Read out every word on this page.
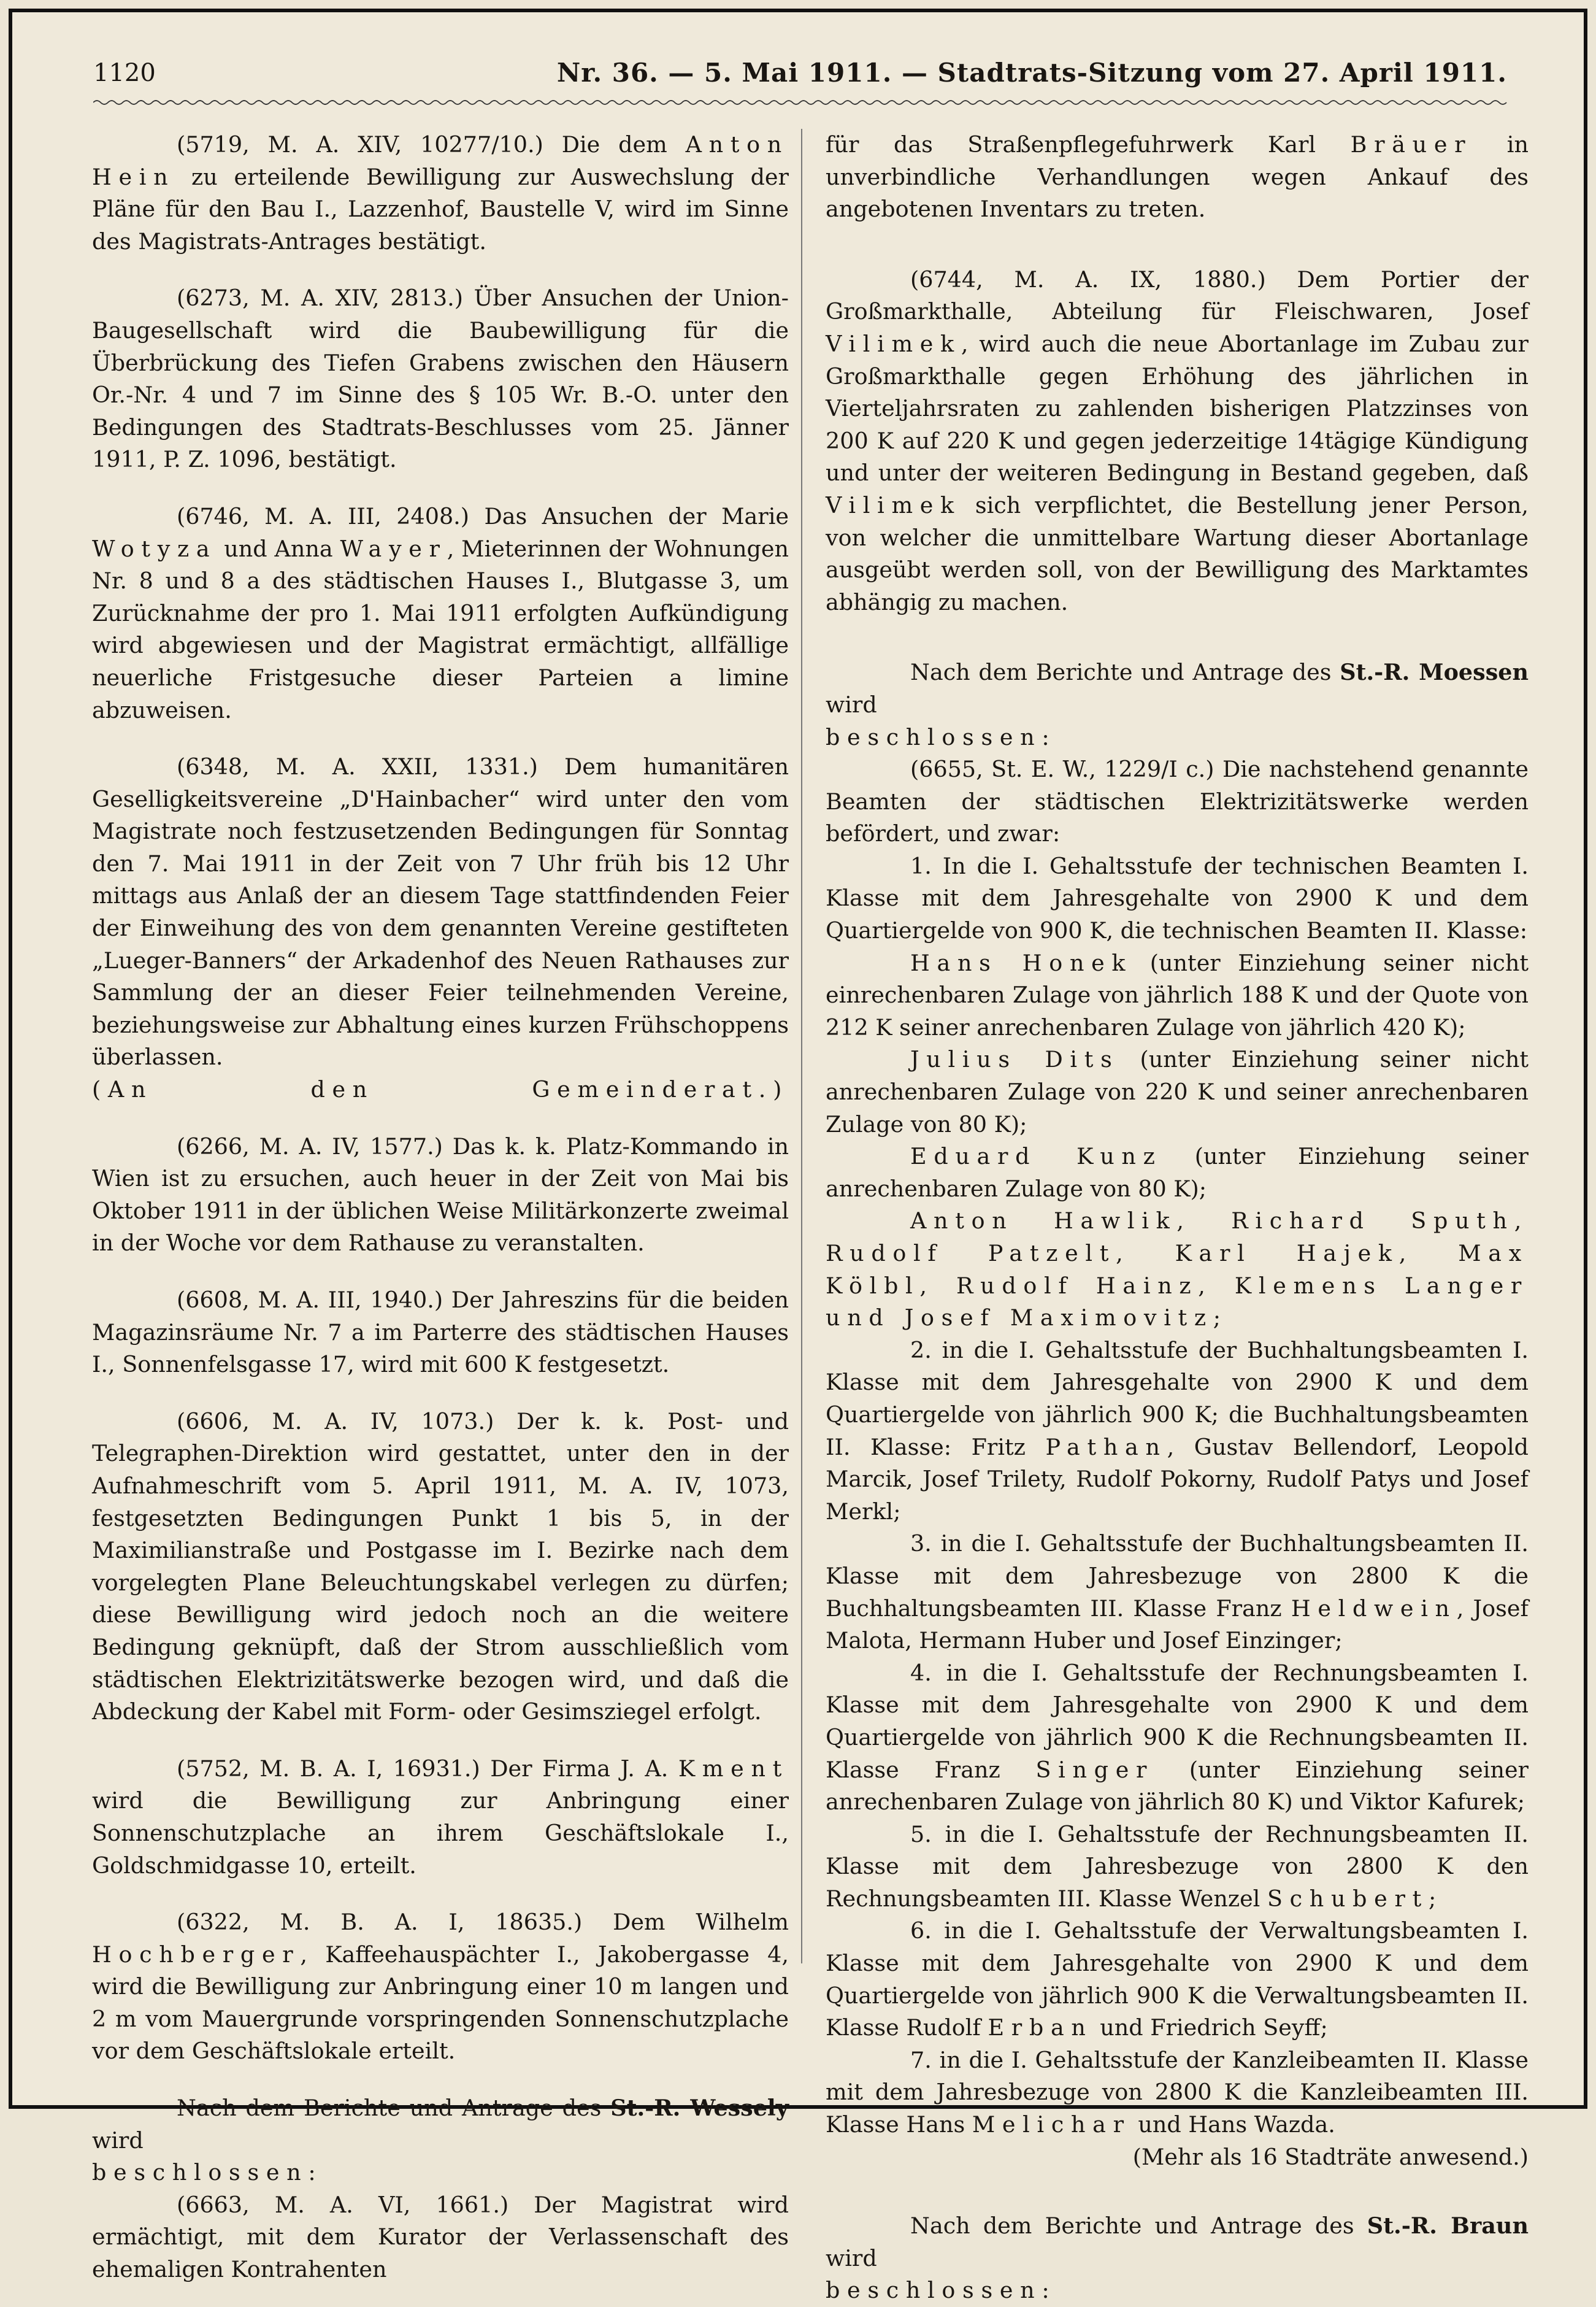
1120	Nr. 36. — 5. Mai 1911. — Stadtrats-Sitzung vom 27. April 1911.

(5719, M. A. XIV, 10277/10.) Die dem Anton Hein zu erteilende Bewilligung zur Auswechslung der Pläne für den Bau I., Lazzenhof, Baustelle V, wird im Sinne des Magistrats-Antrages bestätigt.

(6273, M. A. XIV, 2813.) Über Ansuchen der Union-Baugesellschaft wird die Baubewilligung für die Überbrückung des Tiefen Grabens zwischen den Häusern Or.-Nr. 4 und 7 im Sinne des § 105 Wr. B.-O. unter den Bedingungen des Stadtrats-Beschlusses vom 25. Jänner 1911, P. Z. 1096, bestätigt.

(6746, M. A. III, 2408.) Das Ansuchen der Marie Wotyza und Anna Wayer, Mieterinnen der Wohnungen Nr. 8 und 8 a des städtischen Hauses I., Blutgasse 3, um Zurücknahme der pro 1. Mai 1911 erfolgten Aufkündigung wird abgewiesen und der Magistrat ermächtigt, allfällige neuerliche Fristgesuche dieser Parteien a limine abzuweisen.

(6348, M. A. XXII, 1331.) Dem humanitären Geselligkeitsvereine „D'Hainbacher“ wird unter den vom Magistrate noch festzusetzenden Bedingungen für Sonntag den 7. Mai 1911 in der Zeit von 7 Uhr früh bis 12 Uhr mittags aus Anlaß der an diesem Tage stattfindenden Feier der Einweihung des von dem genannten Vereine gestifteten „Lueger-Banners“ der Arkadenhof des Neuen Rathauses zur Sammlung der an dieser Feier teilnehmenden Vereine, beziehungsweise zur Abhaltung eines kurzen Frühschoppens überlassen.

(An den Gemeinderat.)

(6266, M. A. IV, 1577.) Das k. k. Platz-Kommando in Wien ist zu ersuchen, auch heuer in der Zeit von Mai bis Oktober 1911 in der üblichen Weise Militärkonzerte zweimal in der Woche vor dem Rathause zu veranstalten.

(6608, M. A. III, 1940.) Der Jahreszins für die beiden Magazinsräume Nr. 7 a im Parterre des städtischen Hauses I., Sonnenfelsgasse 17, wird mit 600 K festgesetzt.

(6606, M. A. IV, 1073.) Der k. k. Post- und Telegraphen-Direktion wird gestattet, unter den in der Aufnahmeschrift vom 5. April 1911, M. A. IV, 1073, festgesetzten Bedingungen Punkt 1 bis 5, in der Maximilianstraße und Postgasse im I. Bezirke nach dem vorgelegten Plane Beleuchtungskabel verlegen zu dürfen; diese Bewilligung wird jedoch noch an die weitere Bedingung geknüpft, daß der Strom ausschließlich vom städtischen Elektrizitätswerke bezogen wird, und daß die Abdeckung der Kabel mit Form- oder Gesimsziegel erfolgt.

(5752, M. B. A. I, 16931.) Der Firma J. A. Kment wird die Bewilligung zur Anbringung einer Sonnenschutzplache an ihrem Geschäftslokale I., Goldschmidgasse 10, erteilt.

(6322, M. B. A. I, 18635.) Dem Wilhelm Hochberger, Kaffeehauspächter I., Jakobergasse 4, wird die Bewilligung zur Anbringung einer 10 m langen und 2 m vom Mauergrunde vorspringenden Sonnenschutzplache vor dem Geschäftslokale erteilt.

Nach dem Berichte und Antrage des St.-R. Wessely wird

beschlossen:

(6663, M. A. VI, 1661.) Der Magistrat wird ermächtigt, mit dem Kurator der Verlassenschaft des ehemaligen Kontrahenten

für das Straßenpflegefuhrwerk Karl Bräuer in unverbindliche Verhandlungen wegen Ankauf des angebotenen Inventars zu treten.

(6744, M. A. IX, 1880.) Dem Portier der Großmarkthalle, Abteilung für Fleischwaren, Josef Vilimek, wird auch die neue Abortanlage im Zubau zur Großmarkthalle gegen Erhöhung des jährlichen in Vierteljahrsraten zu zahlenden bisherigen Platzzinses von 200 K auf 220 K und gegen jederzeitige 14tägige Kündigung und unter der weiteren Bedingung in Bestand gegeben, daß Vilimek sich verpflichtet, die Bestellung jener Person, von welcher die unmittelbare Wartung dieser Abortanlage ausgeübt werden soll, von der Bewilligung des Marktamtes abhängig zu machen.

Nach dem Berichte und Antrage des St.-R. Moessen wird

beschlossen:

(6655, St. E. W., 1229/I c.) Die nachstehend genannte Beamten der städtischen Elektrizitätswerke werden befördert, und zwar:

1. In die I. Gehaltsstufe der technischen Beamten I. Klasse mit dem Jahresgehalte von 2900 K und dem Quartiergelde von 900 K, die technischen Beamten II. Klasse:

Hans Honek (unter Einziehung seiner nicht einrechenbaren Zulage von jährlich 188 K und der Quote von 212 K seiner anrechenbaren Zulage von jährlich 420 K);

Julius Dits (unter Einziehung seiner nicht anrechenbaren Zulage von 220 K und seiner anrechenbaren Zulage von 80 K);

Eduard Kunz (unter Einziehung seiner anrechenbaren Zulage von 80 K);

Anton Hawlik, Richard Sputh, Rudolf Patzelt, Karl Hajek, Max Kölbl, Rudolf Hainz, Klemens Langer und Josef Maximovitz;

2. in die I. Gehaltsstufe der Buchhaltungsbeamten I. Klasse mit dem Jahresgehalte von 2900 K und dem Quartiergelde von jährlich 900 K; die Buchhaltungsbeamten II. Klasse: Fritz Pathan, Gustav Bellendorf, Leopold Marcik, Josef Trilety, Rudolf Pokorny, Rudolf Patys und Josef Merkl;

3. in die I. Gehaltsstufe der Buchhaltungsbeamten II. Klasse mit dem Jahresbezuge von 2800 K die Buchhaltungsbeamten III. Klasse Franz Heldwein, Josef Malota, Hermann Huber und Josef Einzinger;

4. in die I. Gehaltsstufe der Rechnungsbeamten I. Klasse mit dem Jahresgehalte von 2900 K und dem Quartiergelde von jährlich 900 K die Rechnungsbeamten II. Klasse Franz Singer (unter Einziehung seiner anrechenbaren Zulage von jährlich 80 K) und Viktor Kafurek;

5. in die I. Gehaltsstufe der Rechnungsbeamten II. Klasse mit dem Jahresbezuge von 2800 K den Rechnungsbeamten III. Klasse Wenzel Schubert;

6. in die I. Gehaltsstufe der Verwaltungsbeamten I. Klasse mit dem Jahresgehalte von 2900 K und dem Quartiergelde von jährlich 900 K die Verwaltungsbeamten II. Klasse Rudolf Erban und Friedrich Seyff;

7. in die I. Gehaltsstufe der Kanzleibeamten II. Klasse mit dem Jahresbezuge von 2800 K die Kanzleibeamten III. Klasse Hans Melichar und Hans Wazda.

(Mehr als 16 Stadträte anwesend.)

Nach dem Berichte und Antrage des St.-R. Braun wird

beschlossen:
